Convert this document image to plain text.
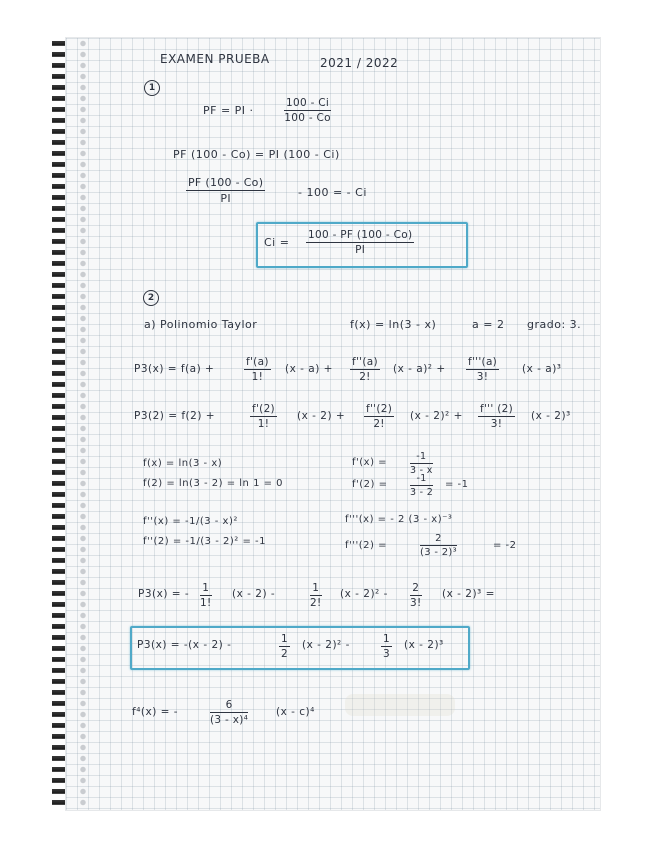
EXAMEN PRUEBA	2021 / 2022
1
PF = PI ·	$\frac{100 - Ci}{100 - Co}$
PF (100 - Co) = PI (100 - Ci)
$\frac{PF (100 - Co)}{PI}$	- 100 = - Ci
$Ci = \frac{100 - PF (100 - Co)}{PI}$
2
a) Polinomio Taylor	f(x) = ln(3 - x)	a = 2 grado: 3.
P3(x) = f(a) +	$\frac{f'(a)}{1!} (x - a) + \frac{f''(a)}{2!} (x - a)^2 + \frac{f'''(a)}{3!} (x - a)^3$
P3(2) = f(2) +	$\frac{f'(2)}{1!} (x - 2) + \frac{f''(2)}{2!} (x - 2)^2 + \frac{f''' (2)}{3!} (x - 2)^3$
f(x) = ln(3 - x)
f(2) = ln(3 - 2) = ln 1 = 0
f''(x) = -1/(3 - x)²
f''(2) = -1/(3 - 2)² = -1
$f'(x) = \frac{-1}{3 - x}$
$f'(2) = \frac{-1}{3 - 2} = -1$
f'''(x) = - 2 (3 - x)⁻³
f'''(2) =	$\frac{2}{\text{(3 - 2)³}}$	= -2
P3(x) = - $\frac{1}{1!} (x - 2)$ -	$\frac{1}{2!} (x - 2)^2 - \frac{2}{3!} (x - 2)^3$ =
P3(x) = -(x - 2) -	$\frac{1}{2} (x - 2)^2$ -	$\frac{1}{3} (x - 2)^3$
f⁴(x) = -	$\frac{6}{\text{(3 - x)⁴}}$	(x - c)⁴
